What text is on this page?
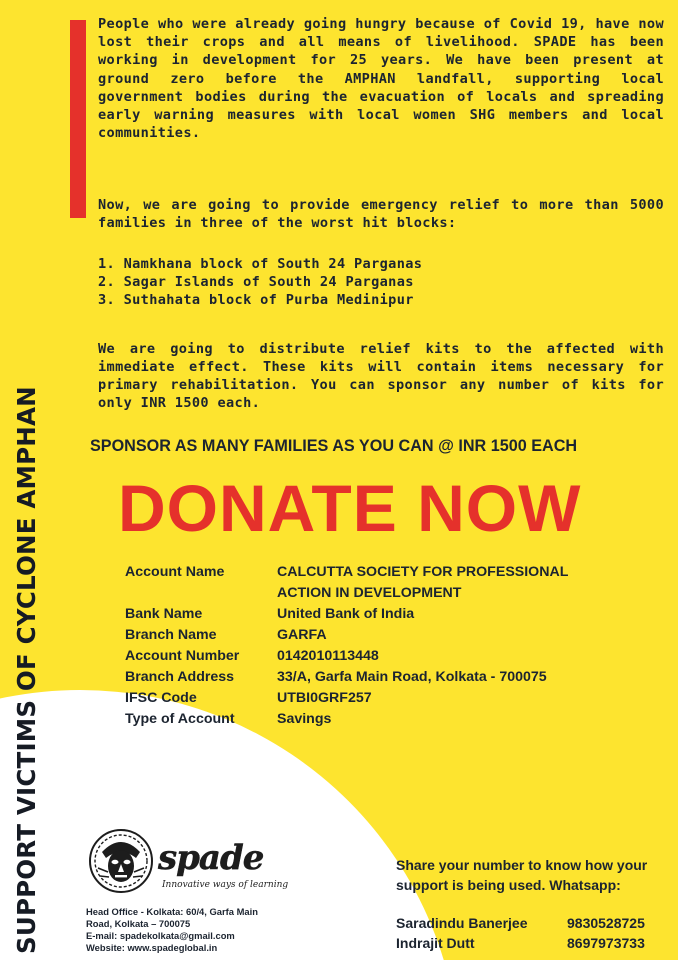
SUPPORT VICTIMS OF CYCLONE AMPHAN

People who were already going hungry because of Covid 19, have now lost their crops and all means of livelihood. SPADE has been working in development for 25 years. We have been present at ground zero before the AMPHAN landfall, supporting local government bodies during the evacuation of locals and spreading early warning measures with local women SHG members and local communities.

Now, we are going to provide emergency relief to more than 5000 families in three of the worst hit blocks:

1. Namkhana block of South 24 Parganas
2. Sagar Islands of South 24 Parganas
3. Suthahata block of Purba Medinipur

We are going to distribute relief kits to the affected with immediate effect. These kits will contain items necessary for primary rehabilitation. You can sponsor any number of kits for only INR 1500 each.

SPONSOR AS MANY FAMILIES AS YOU CAN @ INR 1500 EACH
DONATE NOW
Account Name	CALCUTTA SOCIETY FOR PROFESSIONAL ACTION IN DEVELOPMENT
Bank Name	United Bank of India
Branch Name	GARFA
Account Number	0142010113448
Branch Address	33/A, Garfa Main Road, Kolkata - 700075
IFSC Code	UTBI0GRF257
Type of Account	Savings
spade
Innovative ways of learning
Head Office - Kolkata: 60/4, Garfa Main Road, Kolkata – 700075
E-mail: spadekolkata@gmail.com
Website: www.spadeglobal.in
Share your number to know how your support is being used. Whatsapp:
Saradindu Banerjee	9830528725
Indrajit Dutt	8697973733
